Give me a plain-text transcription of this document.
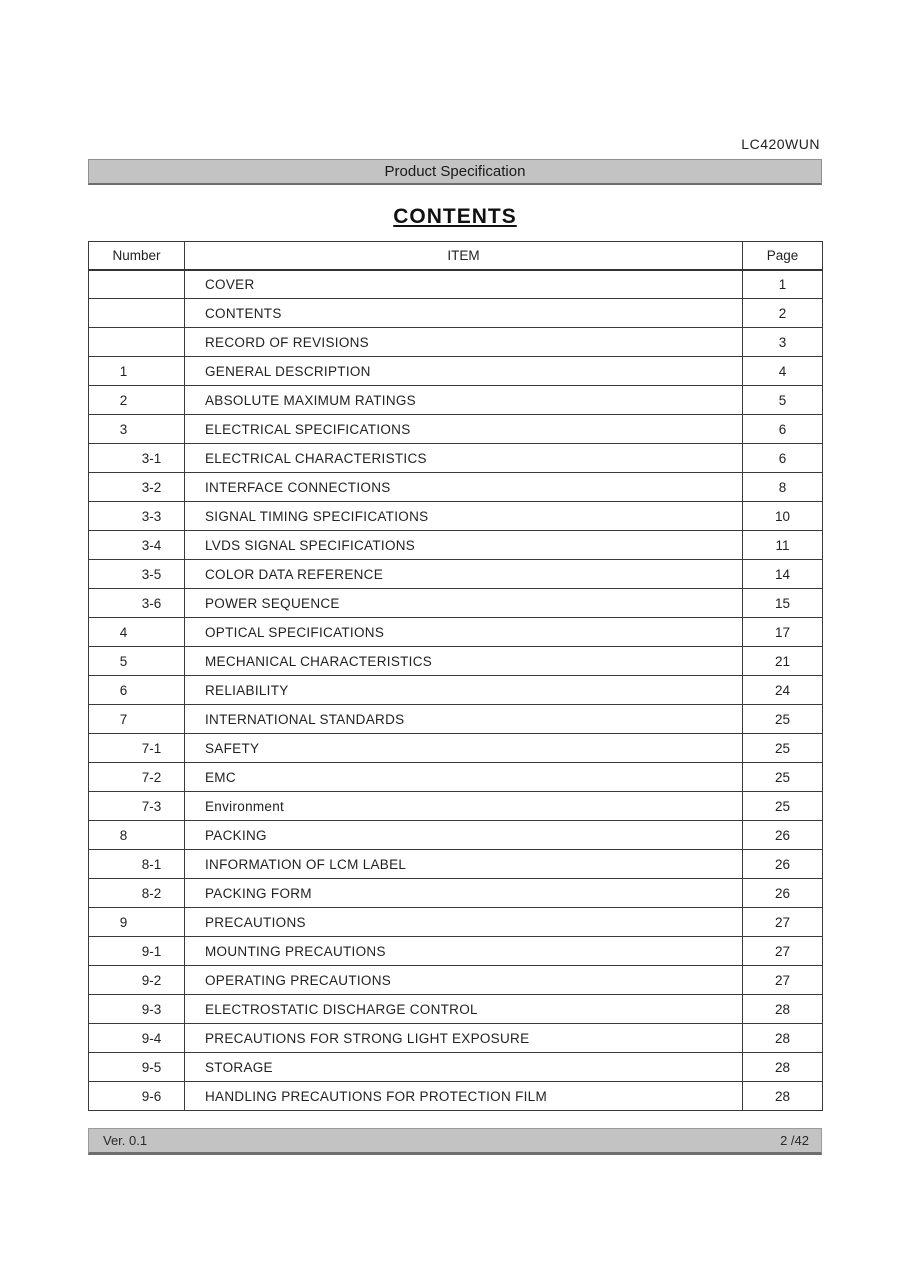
LC420WUN
Product Specification
CONTENTS
Number	ITEM	Page
	COVER	1
	CONTENTS	2
	RECORD OF REVISIONS	3
1	GENERAL DESCRIPTION	4
2	ABSOLUTE MAXIMUM RATINGS	5
3	ELECTRICAL SPECIFICATIONS	6
3-1	ELECTRICAL CHARACTERISTICS	6
3-2	INTERFACE CONNECTIONS	8
3-3	SIGNAL TIMING SPECIFICATIONS	10
3-4	LVDS SIGNAL SPECIFICATIONS	11
3-5	COLOR DATA REFERENCE	14
3-6	POWER SEQUENCE	15
4	OPTICAL SPECIFICATIONS	17
5	MECHANICAL CHARACTERISTICS	21
6	RELIABILITY	24
7	INTERNATIONAL STANDARDS	25
7-1	SAFETY	25
7-2	EMC	25
7-3	Environment	25
8	PACKING	26
8-1	INFORMATION OF LCM LABEL	26
8-2	PACKING FORM	26
9	PRECAUTIONS	27
9-1	MOUNTING PRECAUTIONS	27
9-2	OPERATING PRECAUTIONS	27
9-3	ELECTROSTATIC DISCHARGE CONTROL	28
9-4	PRECAUTIONS FOR STRONG LIGHT EXPOSURE	28
9-5	STORAGE	28
9-6	HANDLING PRECAUTIONS FOR PROTECTION FILM	28
Ver. 0.1	2 /42
